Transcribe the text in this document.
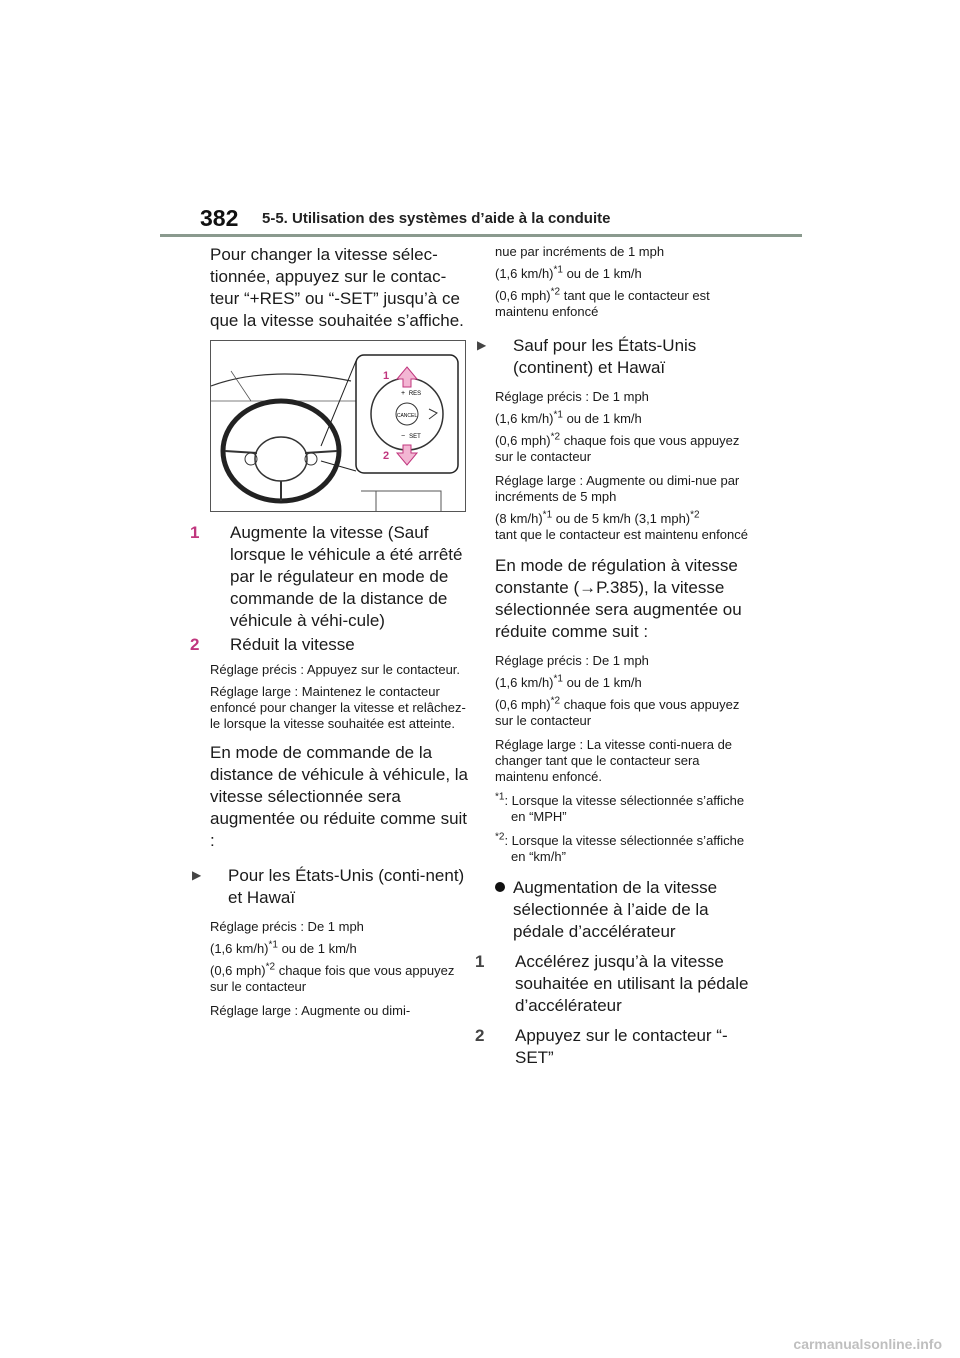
382 5-5. Utilisation des systèmes d’aide à la conduite

Pour changer la vitesse sélec-tionnée, appuyez sur le contac-teur “+RES” ou “-SET” jusqu’à ce que la vitesse souhaitée s’affiche.

CANCEL
RES
+
SET
−
1
2

1 Augmente la vitesse (Sauf lorsque le véhicule a été arrêté par le régulateur en mode de commande de la distance de véhicule à véhi-cule)

2 Réduit la vitesse

Réglage précis : Appuyez sur le contacteur.

Réglage large : Maintenez le contacteur enfoncé pour changer la vitesse et relâchez-le lorsque la vitesse souhaitée est atteinte.

En mode de commande de la distance de véhicule à véhicule, la vitesse sélectionnée sera augmentée ou réduite comme suit :

▶ Pour les États-Unis (conti-nent) et Hawaï

Réglage précis : De 1 mph

(1,6 km/h)$^{*1}$ ou de 1 km/h

(0,6 mph)$^{*2}$ chaque fois que vous appuyez sur le contacteur

Réglage large : Augmente ou dimi-

nue par incréments de 1 mph

(1,6 km/h)$^{*1}$ ou de 1 km/h

(0,6 mph)$^{*2}$ tant que le contacteur est maintenu enfoncé

▶ Sauf pour les États-Unis (continent) et Hawaï

Réglage précis : De 1 mph

(1,6 km/h)$^{*1}$ ou de 1 km/h

(0,6 mph)$^{*2}$ chaque fois que vous appuyez sur le contacteur

Réglage large : Augmente ou dimi-nue par incréments de 5 mph

(8 km/h)$^{*1}$ ou de 5 km/h (3,1 mph)$^{*2}$

tant que le contacteur est maintenu enfoncé

En mode de régulation à vitesse constante (→P.385), la vitesse sélectionnée sera augmentée ou réduite comme suit :

Réglage précis : De 1 mph

(1,6 km/h)$^{*1}$ ou de 1 km/h

(0,6 mph)$^{*2}$ chaque fois que vous appuyez sur le contacteur

Réglage large : La vitesse conti-nuera de changer tant que le contacteur sera maintenu enfoncé.

$^{*1}$: Lorsque la vitesse sélectionnée s’affiche en “MPH”

$^{*2}$: Lorsque la vitesse sélectionnée s’affiche en “km/h”

Augmentation de la vitesse sélectionnée à l’aide de la pédale d’accélérateur

1 Accélérez jusqu’à la vitesse souhaitée en utilisant la pédale d’accélérateur

2 Appuyez sur le contacteur “-SET”

carmanualsonline.info
